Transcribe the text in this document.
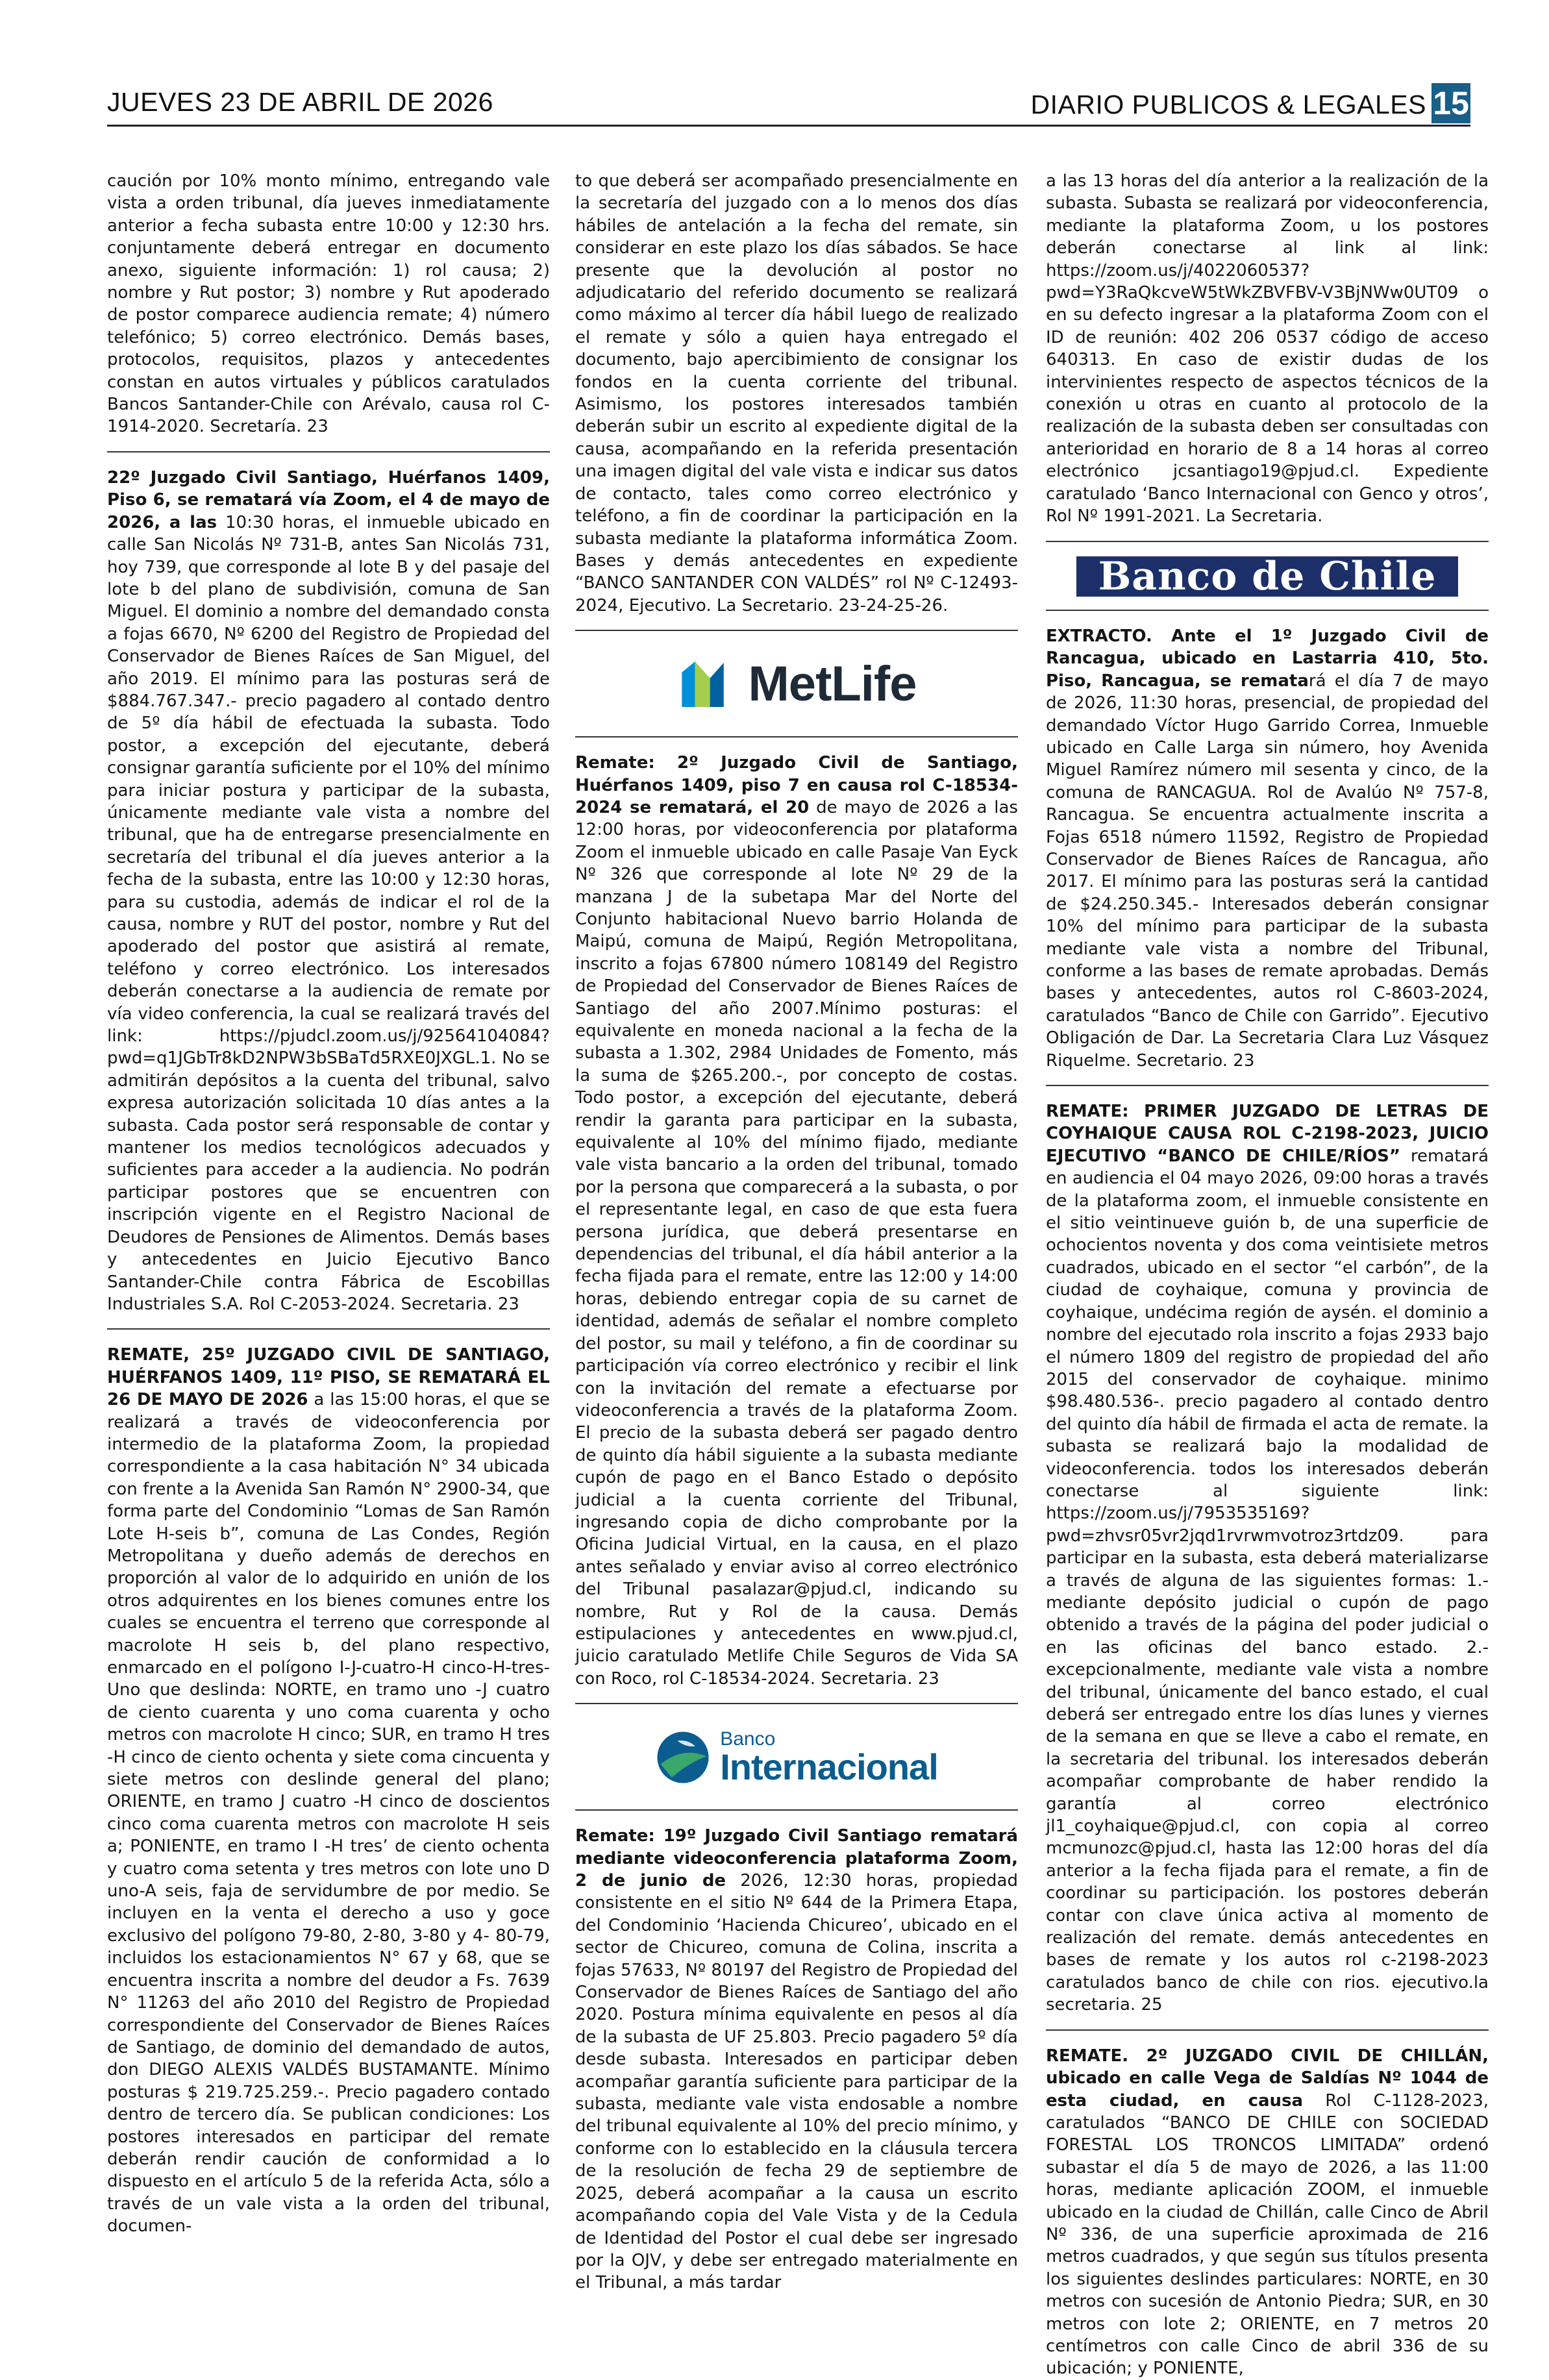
JUEVES 23 DE ABRIL DE 2026	DIARIO PUBLICOS & LEGALES 15

caución por 10% monto mínimo, entregando vale vista a orden tribunal, día jueves inmediatamente anterior a fecha subasta entre 10:00 y 12:30 hrs. conjuntamente deberá entregar en documento anexo, siguiente información: 1) rol causa; 2) nombre y Rut postor; 3) nombre y Rut apoderado de postor comparece audiencia remate; 4) número telefónico; 5) correo electrónico. Demás bases, protocolos, requisitos, plazos y antecedentes constan en autos virtuales y públicos caratulados Bancos Santander-Chile con Arévalo, causa rol C-1914-2020. Secretaría. 23

22º Juzgado Civil Santiago, Huérfanos 1409, Piso 6, se rematará vía Zoom, el 4 de mayo de 2026, a las 10:30 horas, el inmueble ubicado en calle San Nicolás Nº 731-B, antes San Nicolás 731, hoy 739, que corresponde al lote B y del pasaje del lote b del plano de subdivisión, comuna de San Miguel. El dominio a nombre del demandado consta a fojas 6670, Nº 6200 del Registro de Propiedad del Conservador de Bienes Raíces de San Miguel, del año 2019. El mínimo para las posturas será de $884.767.347.- precio pagadero al contado dentro de 5º día hábil de efectuada la subasta. Todo postor, a excepción del ejecutante, deberá consignar garantía suficiente por el 10% del mínimo para iniciar postura y participar de la subasta, únicamente mediante vale vista a nombre del tribunal, que ha de entregarse presencialmente en secretaría del tribunal el día jueves anterior a la fecha de la subasta, entre las 10:00 y 12:30 horas, para su custodia, además de indicar el rol de la causa, nombre y RUT del postor, nombre y Rut del apoderado del postor que asistirá al remate, teléfono y correo electrónico. Los interesados deberán conectarse a la audiencia de remate por vía video conferencia, la cual se realizará través del link: https://pjudcl.zoom.us/j/92564104084?pwd=q1JGbTr8kD2NPW3bSBaTd5RXE0JXGL.1. No se admitirán depósitos a la cuenta del tribunal, salvo expresa autorización solicitada 10 días antes a la subasta. Cada postor será responsable de contar y mantener los medios tecnológicos adecuados y suficientes para acceder a la audiencia. No podrán participar postores que se encuentren con inscripción vigente en el Registro Nacional de Deudores de Pensiones de Alimentos. Demás bases y antecedentes en Juicio Ejecutivo Banco Santander-Chile contra Fábrica de Escobillas Industriales S.A. Rol C-2053-2024. Secretaria. 23

REMATE, 25º JUZGADO CIVIL DE SANTIAGO, HUÉRFANOS 1409, 11º PISO, SE REMATARÁ EL 26 DE MAYO DE 2026 a las 15:00 horas, el que se realizará a través de videoconferencia por intermedio de la plataforma Zoom, la propiedad correspondiente a la casa habitación N° 34 ubicada con frente a la Avenida San Ramón N° 2900-34, que forma parte del Condominio “Lomas de San Ramón Lote H-seis b”, comuna de Las Condes, Región Metropolitana y dueño además de derechos en proporción al valor de lo adquirido en unión de los otros adquirentes en los bienes comunes entre los cuales se encuentra el terreno que corresponde al macrolote H seis b, del plano respectivo, enmarcado en el polígono I-J-cuatro-H cinco-H-tres-Uno que deslinda: NORTE, en tramo uno -J cuatro de ciento cuarenta y uno coma cuarenta y ocho metros con macrolote H cinco; SUR, en tramo H tres -H cinco de ciento ochenta y siete coma cincuenta y siete metros con deslinde general del plano; ORIENTE, en tramo J cuatro -H cinco de doscientos cinco coma cuarenta metros con macrolote H seis a; PONIENTE, en tramo I -H tres’ de ciento ochenta y cuatro coma setenta y tres metros con lote uno D uno-A seis, faja de servidumbre de por medio. Se incluyen en la venta el derecho a uso y goce exclusivo del polígono 79-80, 2-80, 3-80 y 4- 80-79, incluidos los estacionamientos N° 67 y 68, que se encuentra inscrita a nombre del deudor a Fs. 7639 N° 11263 del año 2010 del Registro de Propiedad correspondiente del Conservador de Bienes Raíces de Santiago, de dominio del demandado de autos, don DIEGO ALEXIS VALDÉS BUSTAMANTE. Mínimo posturas $ 219.725.259.-. Precio pagadero contado dentro de tercero día. Se publican condiciones: Los postores interesados en participar del remate deberán rendir caución de conformidad a lo dispuesto en el artículo 5 de la referida Acta, sólo a través de un vale vista a la orden del tribunal, documen-

to que deberá ser acompañado presencialmente en la secretaría del juzgado con a lo menos dos días hábiles de antelación a la fecha del remate, sin considerar en este plazo los días sábados. Se hace presente que la devolución al postor no adjudicatario del referido documento se realizará como máximo al tercer día hábil luego de realizado el remate y sólo a quien haya entregado el documento, bajo apercibimiento de consignar los fondos en la cuenta corriente del tribunal. Asimismo, los postores interesados también deberán subir un escrito al expediente digital de la causa, acompañando en la referida presentación una imagen digital del vale vista e indicar sus datos de contacto, tales como correo electrónico y teléfono, a fin de coordinar la participación en la subasta mediante la plataforma informática Zoom. Bases y demás antecedentes en expediente “BANCO SANTANDER CON VALDÉS” rol Nº C-12493-2024, Ejecutivo. La Secretario. 23-24-25-26.

MetLife

Remate: 2º Juzgado Civil de Santiago, Huérfanos 1409, piso 7 en causa rol C-18534-2024 se rematará, el 20 de mayo de 2026 a las 12:00 horas, por videoconferencia por plataforma Zoom el inmueble ubicado en calle Pasaje Van Eyck Nº 326 que corresponde al lote Nº 29 de la manzana J de la subetapa Mar del Norte del Conjunto habitacional Nuevo barrio Holanda de Maipú, comuna de Maipú, Región Metropolitana, inscrito a fojas 67800 número 108149 del Registro de Propiedad del Conservador de Bienes Raíces de Santiago del año 2007.Mínimo posturas: el equivalente en moneda nacional a la fecha de la subasta a 1.302, 2984 Unidades de Fomento, más la suma de $265.200.-, por concepto de costas. Todo postor, a excepción del ejecutante, deberá rendir la garanta para participar en la subasta, equivalente al 10% del mínimo fijado, mediante vale vista bancario a la orden del tribunal, tomado por la persona que comparecerá a la subasta, o por el representante legal, en caso de que esta fuera persona jurídica, que deberá presentarse en dependencias del tribunal, el día hábil anterior a la fecha fijada para el remate, entre las 12:00 y 14:00 horas, debiendo entregar copia de su carnet de identidad, además de señalar el nombre completo del postor, su mail y teléfono, a fin de coordinar su participación vía correo electrónico y recibir el link con la invitación del remate a efectuarse por videoconferencia a través de la plataforma Zoom. El precio de la subasta deberá ser pagado dentro de quinto día hábil siguiente a la subasta mediante cupón de pago en el Banco Estado o depósito judicial a la cuenta corriente del Tribunal, ingresando copia de dicho comprobante por la Oficina Judicial Virtual, en la causa, en el plazo antes señalado y enviar aviso al correo electrónico del Tribunal pasalazar@pjud.cl, indicando su nombre, Rut y Rol de la causa. Demás estipulaciones y antecedentes en www.pjud.cl, juicio caratulado Metlife Chile Seguros de Vida SA con Roco, rol C-18534-2024. Secretaria. 23

Banco
Internacional

Remate: 19º Juzgado Civil Santiago rematará mediante videoconferencia plataforma Zoom, 2 de junio de 2026, 12:30 horas, propiedad consistente en el sitio Nº 644 de la Primera Etapa, del Condominio ‘Hacienda Chicureo’, ubicado en el sector de Chicureo, comuna de Colina, inscrita a fojas 57633, Nº 80197 del Registro de Propiedad del Conservador de Bienes Raíces de Santiago del año 2020. Postura mínima equivalente en pesos al día de la subasta de UF 25.803. Precio pagadero 5º día desde subasta. Interesados en participar deben acompañar garantía suficiente para participar de la subasta, mediante vale vista endosable a nombre del tribunal equivalente al 10% del precio mínimo, y conforme con lo establecido en la cláusula tercera de la resolución de fecha 29 de septiembre de 2025, deberá acompañar a la causa un escrito acompañando copia del Vale Vista y de la Cedula de Identidad del Postor el cual debe ser ingresado por la OJV, y debe ser entregado materialmente en el Tribunal, a más tardar

a las 13 horas del día anterior a la realización de la subasta. Subasta se realizará por videoconferencia, mediante la plataforma Zoom, u los postores deberán conectarse al link al link: https://zoom.us/j/4022060537?pwd=Y3RaQkcveW5tWkZBVFBV-V3BjNWw0UT09 o en su defecto ingresar a la plataforma Zoom con el ID de reunión: 402 206 0537 código de acceso 640313. En caso de existir dudas de los intervinientes respecto de aspectos técnicos de la conexión u otras en cuanto al protocolo de la realización de la subasta deben ser consultadas con anterioridad en horario de 8 a 14 horas al correo electrónico jcsantiago19@pjud.cl. Expediente caratulado ‘Banco Internacional con Genco y otros’, Rol Nº 1991-2021. La Secretaria.

Banco de Chile

EXTRACTO. Ante el 1º Juzgado Civil de Rancagua, ubicado en Lastarria 410, 5to. Piso, Rancagua, se rematará el día 7 de mayo de 2026, 11:30 horas, presencial, de propiedad del demandado Víctor Hugo Garrido Correa, Inmueble ubicado en Calle Larga sin número, hoy Avenida Miguel Ramírez número mil sesenta y cinco, de la comuna de RANCAGUA. Rol de Avalúo Nº 757-8, Rancagua. Se encuentra actualmente inscrita a Fojas 6518 número 11592, Registro de Propiedad Conservador de Bienes Raíces de Rancagua, año 2017. El mínimo para las posturas será la cantidad de $24.250.345.- Interesados deberán consignar 10% del mínimo para participar de la subasta mediante vale vista a nombre del Tribunal, conforme a las bases de remate aprobadas. Demás bases y antecedentes, autos rol C-8603-2024, caratulados “Banco de Chile con Garrido”. Ejecutivo Obligación de Dar. La Secretaria Clara Luz Vásquez Riquelme. Secretario. 23

REMATE: PRIMER JUZGADO DE LETRAS DE COYHAIQUE CAUSA ROL C-2198-2023, JUICIO EJECUTIVO “BANCO DE CHILE/RÍOS” rematará en audiencia el 04 mayo 2026, 09:00 horas a través de la plataforma zoom, el inmueble consistente en el sitio veintinueve guión b, de una superficie de ochocientos noventa y dos coma veintisiete metros cuadrados, ubicado en el sector “el carbón”, de la ciudad de coyhaique, comuna y provincia de coyhaique, undécima región de aysén. el dominio a nombre del ejecutado rola inscrito a fojas 2933 bajo el número 1809 del registro de propiedad del año 2015 del conservador de coyhaique. minimo $98.480.536-. precio pagadero al contado dentro del quinto día hábil de firmada el acta de remate. la subasta se realizará bajo la modalidad de videoconferencia. todos los interesados deberán conectarse al siguiente link: https://zoom.us/j/7953535169?pwd=zhvsr05vr2jqd1rvrwmvotroz3rtdz09. para participar en la subasta, esta deberá materializarse a través de alguna de las siguientes formas: 1.- mediante depósito judicial o cupón de pago obtenido a través de la página del poder judicial o en las oficinas del banco estado. 2.- excepcionalmente, mediante vale vista a nombre del tribunal, únicamente del banco estado, el cual deberá ser entregado entre los días lunes y viernes de la semana en que se lleve a cabo el remate, en la secretaria del tribunal. los interesados deberán acompañar comprobante de haber rendido la garantía al correo electrónico jl1_coyhaique@pjud.cl, con copia al correo mcmunozc@pjud.cl, hasta las 12:00 horas del día anterior a la fecha fijada para el remate, a fin de coordinar su participación. los postores deberán contar con clave única activa al momento de realización del remate. demás antecedentes en bases de remate y los autos rol c-2198-2023 caratulados banco de chile con rios. ejecutivo.la secretaria. 25

REMATE. 2º JUZGADO CIVIL DE CHILLÁN, ubicado en calle Vega de Saldías Nº 1044 de esta ciudad, en causa Rol C-1128-2023, caratulados “BANCO DE CHILE con SOCIEDAD FORESTAL LOS TRONCOS LIMITADA” ordenó subastar el día 5 de mayo de 2026, a las 11:00 horas, mediante aplicación ZOOM, el inmueble ubicado en la ciudad de Chillán, calle Cinco de Abril Nº 336, de una superficie aproximada de 216 metros cuadrados, y que según sus títulos presenta los siguientes deslindes particulares: NORTE, en 30 metros con sucesión de Antonio Piedra; SUR, en 30 metros con lote 2; ORIENTE, en 7 metros 20 centímetros con calle Cinco de abril 336 de su ubicación; y PONIENTE,
